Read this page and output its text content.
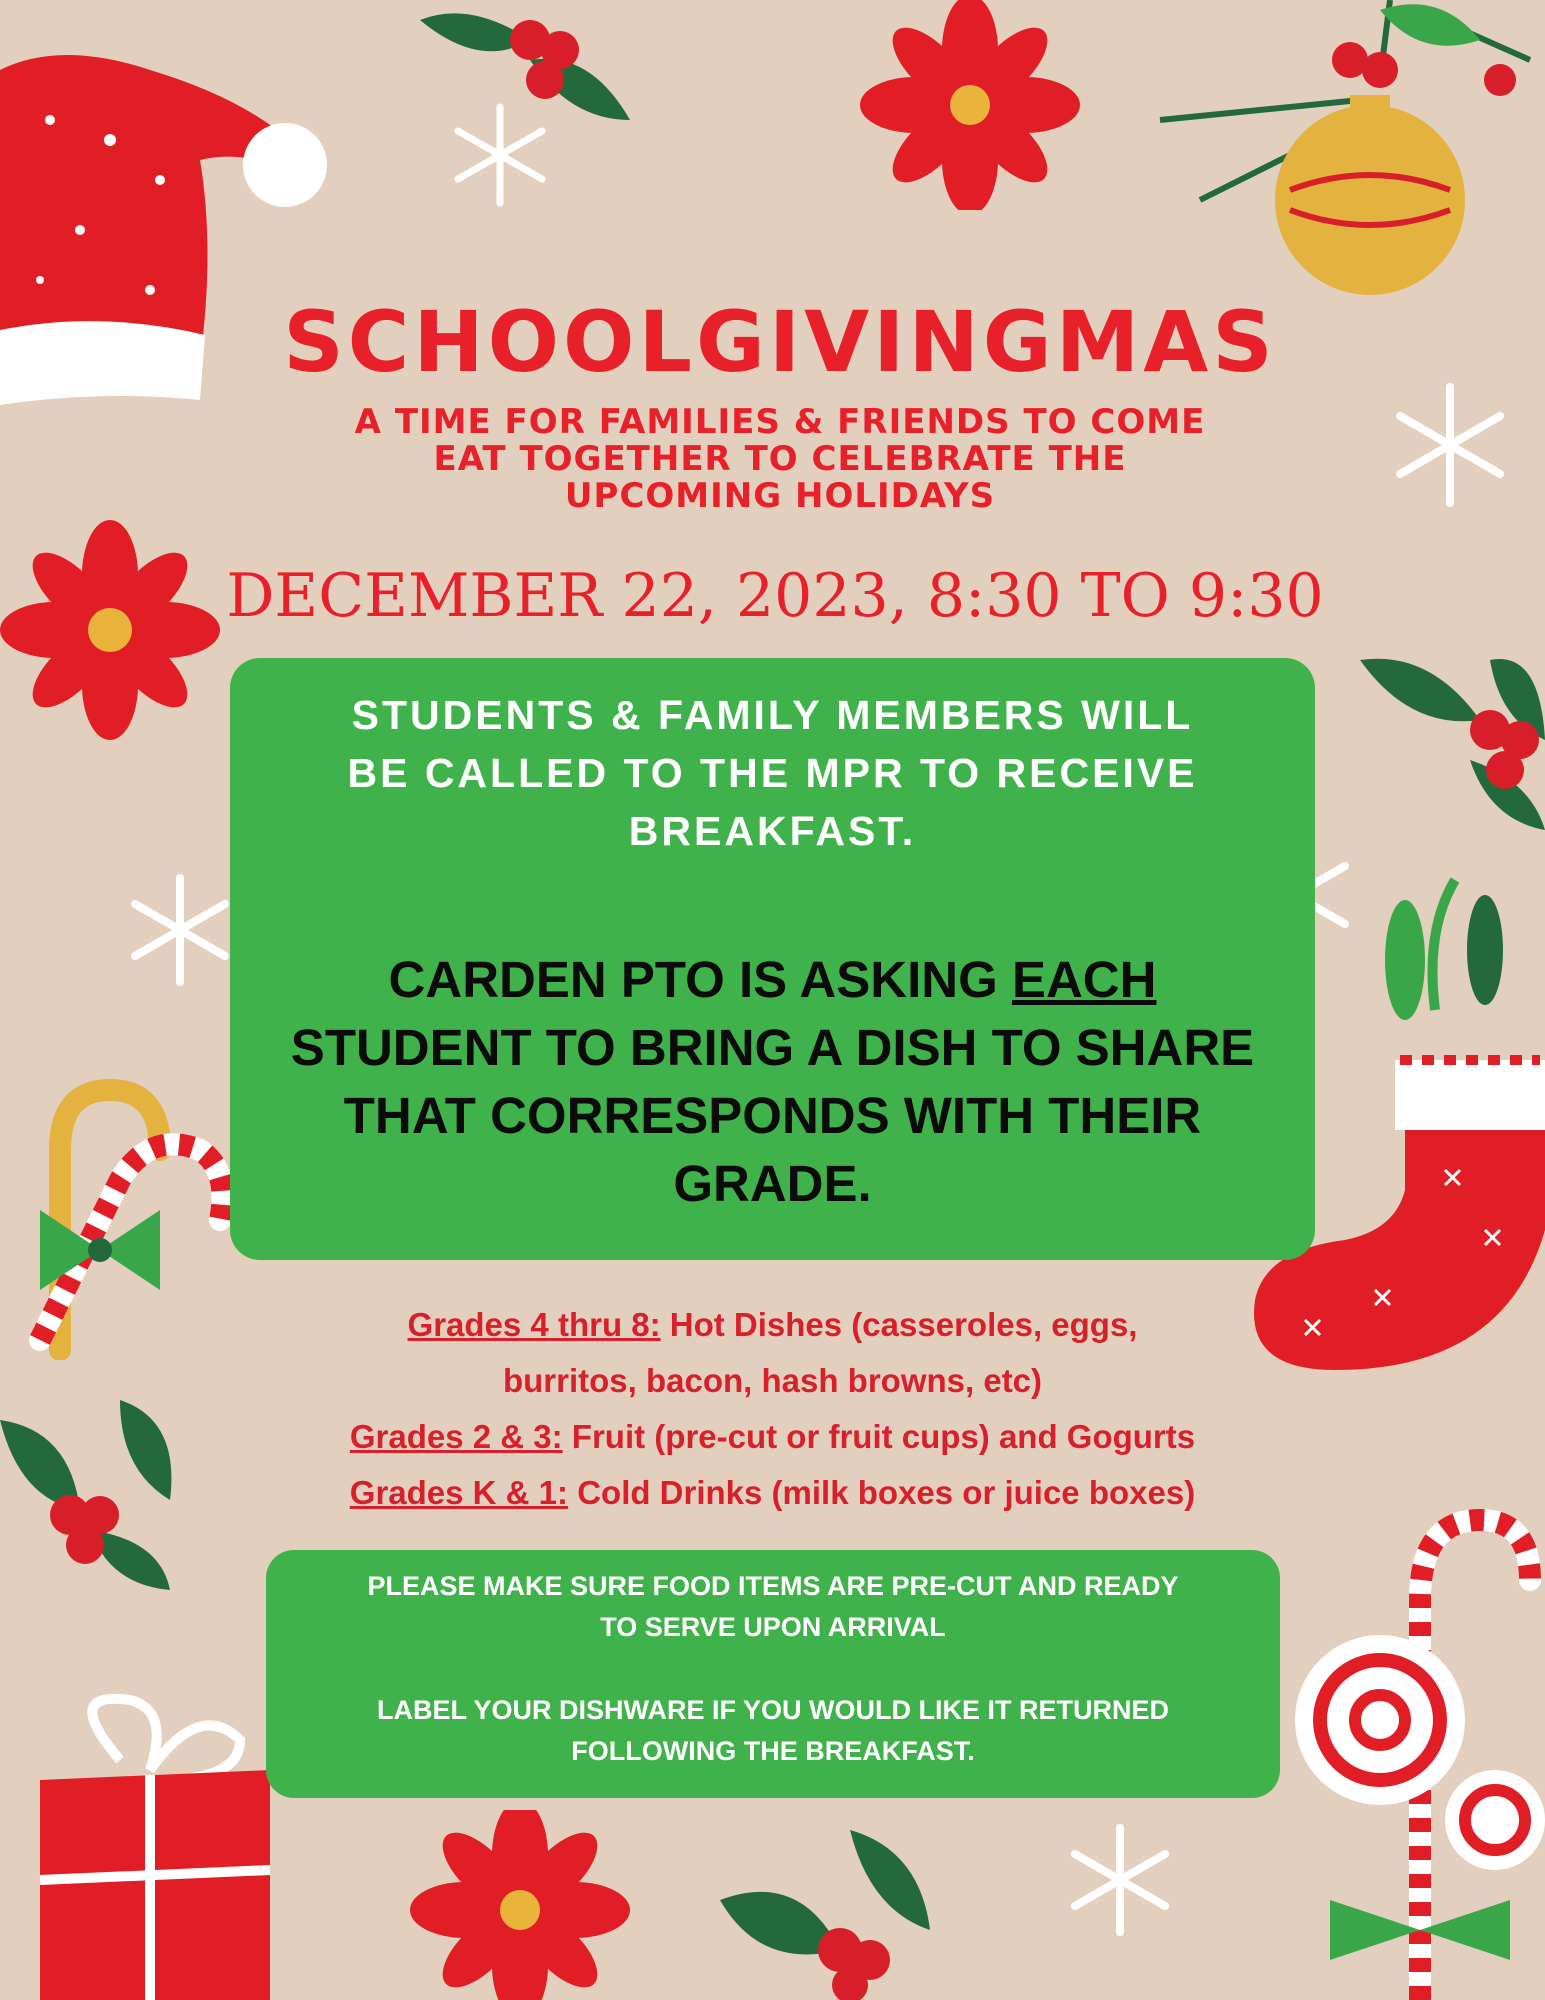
SCHOOLGIVINGMAS
A TIME FOR FAMILIES & FRIENDS TO COME
EAT TOGETHER TO CELEBRATE THE
UPCOMING HOLIDAYS
DECEMBER 22, 2023, 8:30 TO 9:30
STUDENTS & FAMILY MEMBERS WILL
BE CALLED TO THE MPR TO RECEIVE
BREAKFAST.
CARDEN PTO IS ASKING EACH
STUDENT TO BRING A DISH TO SHARE
THAT CORRESPONDS WITH THEIR
GRADE.
Grades 4 thru 8: Hot Dishes (casseroles, eggs,
burritos, bacon, hash browns, etc)
Grades 2 & 3: Fruit (pre-cut or fruit cups) and Gogurts
Grades K & 1: Cold Drinks (milk boxes or juice boxes)
PLEASE MAKE SURE FOOD ITEMS ARE PRE-CUT AND READY
TO SERVE UPON ARRIVAL
LABEL YOUR DISHWARE IF YOU WOULD LIKE IT RETURNED
FOLLOWING THE BREAKFAST.
